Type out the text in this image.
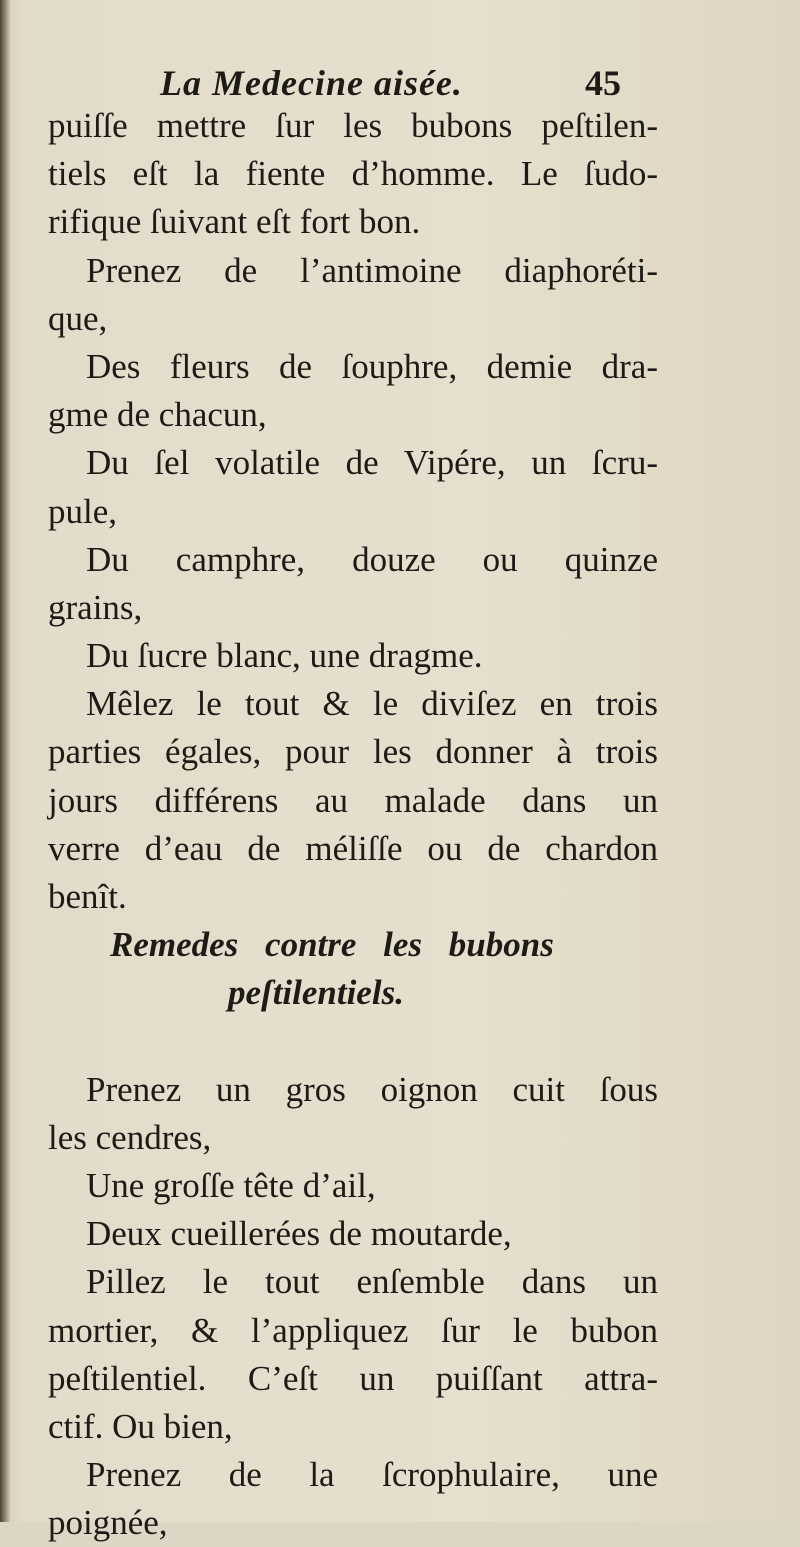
La Medecine aisée.	45
puiſſe mettre ſur les bubons peſtilen-
tiels eſt la fiente d’homme. Le ſudo-
rifique ſuivant eſt fort bon.
Prenez de l’antimoine diaphoréti-
que,
Des fleurs de ſouphre, demie dra-
gme de chacun,
Du ſel volatile de Vipére, un ſcru-
pule,
Du camphre, douze ou quinze
grains,
Du ſucre blanc, une dragme.
Mêlez le tout & le diviſez en trois
parties égales, pour les donner à trois
jours différens au malade dans un
verre d’eau de méliſſe ou de chardon
benît.
Remedes contre les bubons
peſtilentiels.
Prenez un gros oignon cuit ſous
les cendres,
Une groſſe tête d’ail,
Deux cueillerées de moutarde,
Pillez le tout enſemble dans un
mortier, & l’appliquez ſur le bubon
peſtilentiel. C’eſt un puiſſant attra-
ctif. Ou bien,
Prenez de la ſcrophulaire, une
poignée,
